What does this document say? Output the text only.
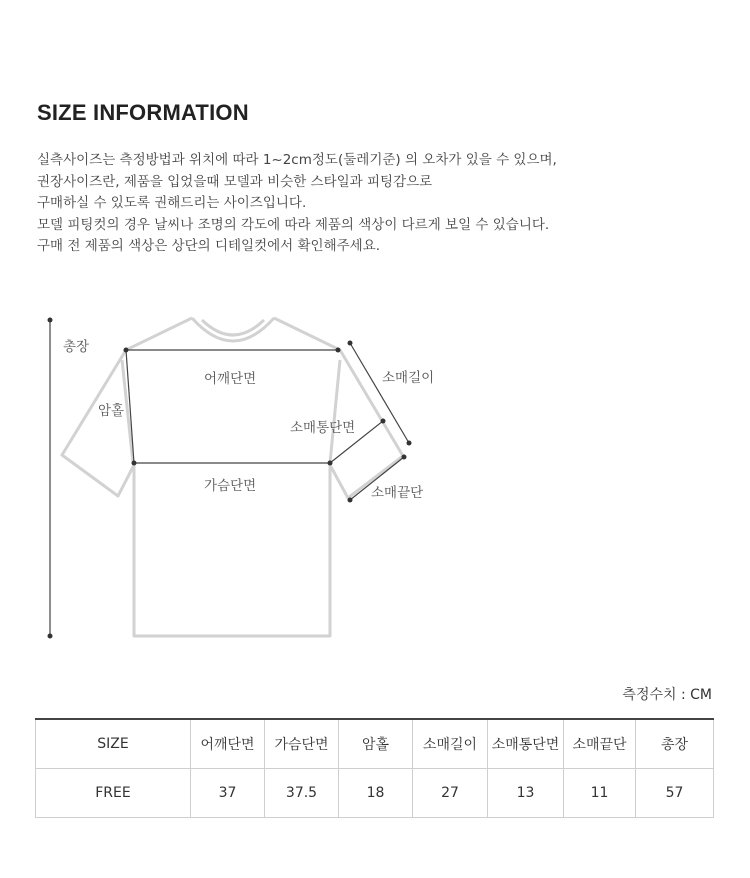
SIZE INFORMATION
실측사이즈는 측정방법과 위치에 따라 1~2cm정도(둘레기준) 의 오차가 있을 수 있으며,
권장사이즈란, 제품을 입었을때 모델과 비슷한 스타일과 피팅감으로
구매하실 수 있도록 권해드리는 사이즈입니다.
모델 피팅컷의 경우 날씨나 조명의 각도에 따라 제품의 색상이 다르게 보일 수 있습니다.
구매 전 제품의 색상은 상단의 디테일컷에서 확인해주세요.
총장
어깨단면
암홀
소매길이
소매통단면
가슴단면	소매끝단
측정수치 : CM
SIZE	어깨단면	가슴단면	암홀	소매길이	소매통단면	소매끝단	총장
FREE	37	37.5	18	27	13	11	57
